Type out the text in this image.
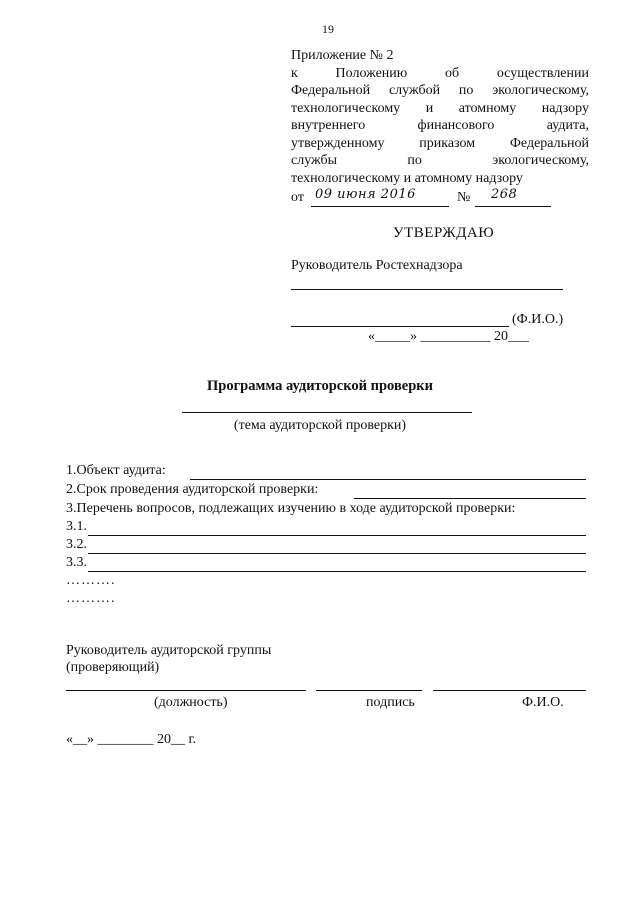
19
Приложение № 2
к Положению об осуществлении
Федеральной службой по экологическому,
технологическому и атомному надзору
внутреннего финансового аудита,
утвержденному приказом Федеральной
службы по экологическому,
технологическому и атомному надзору
от 09 июня 2016	№ 268
УТВЕРЖДАЮ
Руководитель Ростехнадзора
(Ф.И.О.)
«_____» __________ 20___
Программа аудиторской проверки
(тема аудиторской проверки)
1.Объект аудита:
2.Срок проведения аудиторской проверки:
3.Перечень вопросов, подлежащих изучению в ходе аудиторской проверки:
3.1.
3.2.
3.3.
……….
……….
Руководитель аудиторской группы
(проверяющий)
(должность)	подпись	Ф.И.О.
«__» ________ 20__ г.
